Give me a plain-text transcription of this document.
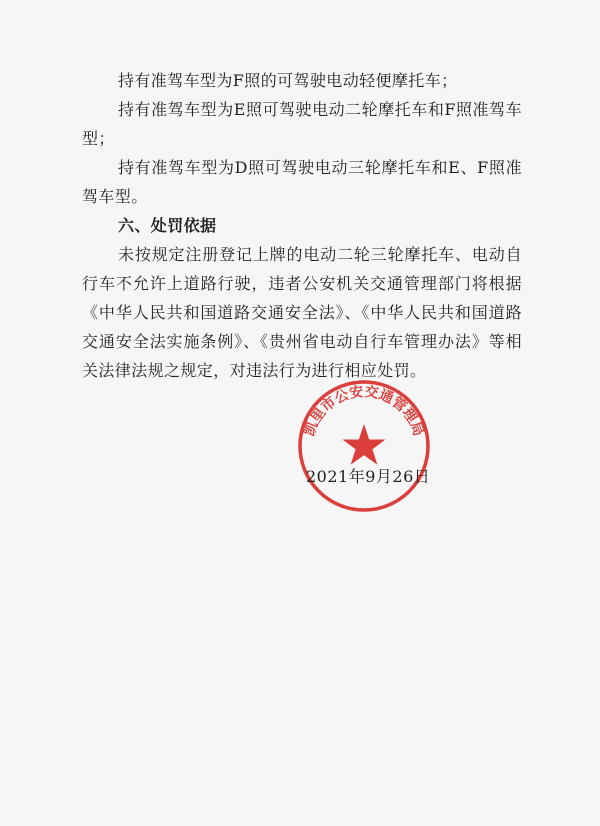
持有准驾车型为F照的可驾驶电动轻便摩托车；

持有准驾车型为E照可驾驶电动二轮摩托车和F照准驾车型；

持有准驾车型为D照可驾驶电动三轮摩托车和E、F照准驾车型。

六、处罚依据

未按规定注册登记上牌的电动二轮三轮摩托车、电动自行车不允许上道路行驶，违者公安机关交通管理部门将根据《中华人民共和国道路交通安全法》、《中华人民共和国道路交通安全法实施条例》、《贵州省电动自行车管理办法》等相关法律法规之规定，对违法行为进行相应处罚。

凯里市公安交通管理局
2021年9月26日
